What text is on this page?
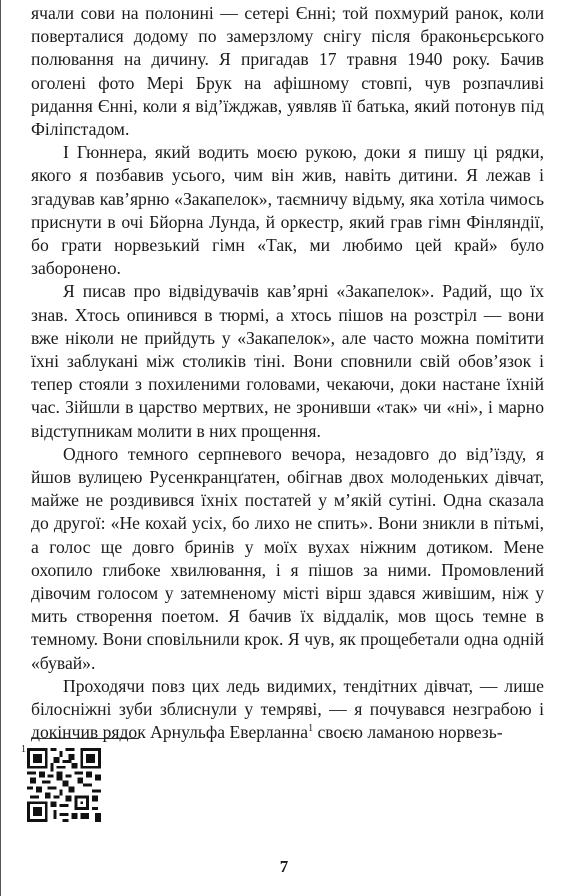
ячали сови на полонині — сетері Єнні; той похмурий ранок, коли поверталися додому по замерзлому снігу після браконьєрського полювання на дичину. Я пригадав 17 травня 1940 року. Бачив оголені фото Мері Брук на афішному стовпі, чув розпачливі ридання Єнні, коли я від’їжджав, уявляв її батька, який потонув під Філіпстадом.

І Гюннера, який водить моєю рукою, доки я пишу ці рядки, якого я позбавив усього, чим він жив, навіть дитини. Я лежав і згадував кав’ярню «Закапелок», таємничу відьму, яка хотіла чимось приснути в очі Бйорна Лунда, й оркестр, який грав гімн Фінляндії, бо грати норвезький гімн «Так, ми любимо цей край» було заборонено.

Я писав про відвідувачів кав’ярні «Закапелок». Радий, що їх знав. Хтось опинився в тюрмі, а хтось пішов на розстріл — вони вже ніколи не прийдуть у «Закапелок», але часто можна помітити їхні заблукані між столиків тіні. Вони сповнили свій обов’язок і тепер стояли з похиленими головами, чекаючи, доки настане їхній час. Зійшли в царство мертвих, не зронивши «так» чи «ні», і марно відступникам молити в них прощення.

Одного темного серпневого вечора, незадовго до від’їзду, я йшов вулицею Русенкранцґатен, обігнав двох молоденьких дівчат, майже не роздивився їхніх постатей у м’якій сутіні. Одна сказала до другої: «Не кохай усіх, бо лихо не спить». Вони зникли в пітьмі, а голос ще довго бринів у моїх вухах ніжним дотиком. Мене охопило глибоке хвилювання, і я пішов за ними. Промовлений дівочим голосом у затемненому місті вірш здався живішим, ніж у мить створення поетом. Я бачив їх віддалік, мов щось темне в темному. Вони сповільнили крок. Я чув, як прощебетали одна одній «бувай».

Проходячи повз цих ледь видимих, тендітних дівчат, — лише білосніжні зуби зблиснули у темряві, — я почувався незграбою і докінчив рядок Арнульфа Еверланна$^1$ своєю ламаною норвезь-

1
7
